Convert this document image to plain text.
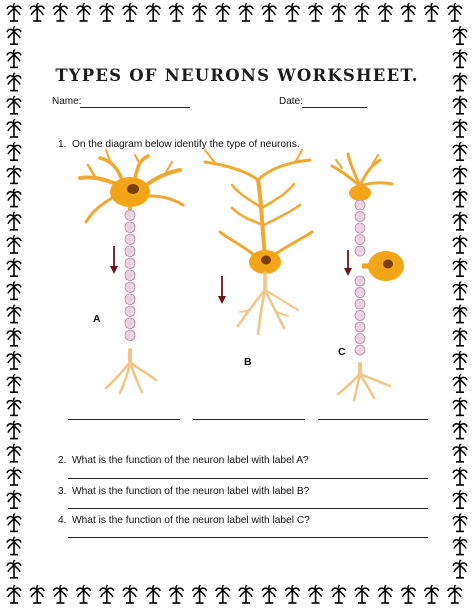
TYPES OF NEURONS WORKSHEET.
Name:	Date:
1. On the diagram below identify the type of neurons.
A
B
C
2. What is the function of the neuron label with label A?
3. What is the function of the neuron label with label B?
4. What is the function of the neuron label with label C?
